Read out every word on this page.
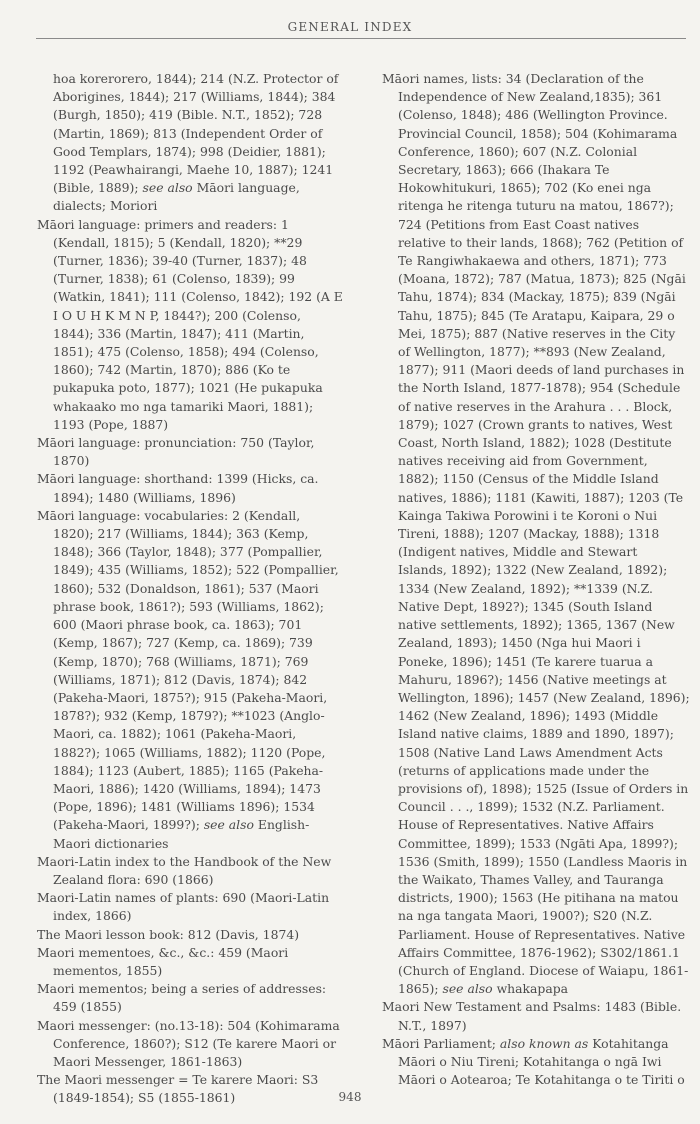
GENERAL INDEX

hoa korerorero, 1844); 214 (N.Z. Protector of Aborigines, 1844); 217 (Williams, 1844); 384 (Burgh, 1850); 419 (Bible. N.T., 1852); 728 (Martin, 1869); 813 (Independent Order of Good Templars, 1874); 998 (Deidier, 1881); 1192 (Peawhairangi, Maehe 10, 1887); 1241 (Bible, 1889); see also Māori language, dialects; Moriori

Māori language: primers and readers: 1 (Kendall, 1815); 5 (Kendall, 1820); **29 (Turner, 1836); 39-40 (Turner, 1837); 48 (Turner, 1838); 61 (Colenso, 1839); 99 (Watkin, 1841); 111 (Colenso, 1842); 192 (A E I O U H K M N P, 1844?); 200 (Colenso, 1844); 336 (Martin, 1847); 411 (Martin, 1851); 475 (Colenso, 1858); 494 (Colenso, 1860); 742 (Martin, 1870); 886 (Ko te pukapuka poto, 1877); 1021 (He pukapuka whakaako mo nga tamariki Maori, 1881); 1193 (Pope, 1887)

Māori language: pronunciation: 750 (Taylor, 1870)

Māori language: shorthand: 1399 (Hicks, ca. 1894); 1480 (Williams, 1896)

Māori language: vocabularies: 2 (Kendall, 1820); 217 (Williams, 1844); 363 (Kemp, 1848); 366 (Taylor, 1848); 377 (Pompallier, 1849); 435 (Williams, 1852); 522 (Pompallier, 1860); 532 (Donaldson, 1861); 537 (Maori phrase book, 1861?); 593 (Williams, 1862); 600 (Maori phrase book, ca. 1863); 701 (Kemp, 1867); 727 (Kemp, ca. 1869); 739 (Kemp, 1870); 768 (Williams, 1871); 769 (Williams, 1871); 812 (Davis, 1874); 842 (Pakeha-Maori, 1875?); 915 (Pakeha-Maori, 1878?); 932 (Kemp, 1879?); **1023 (Anglo-Maori, ca. 1882); 1061 (Pakeha-Maori, 1882?); 1065 (Williams, 1882); 1120 (Pope, 1884); 1123 (Aubert, 1885); 1165 (Pakeha-Maori, 1886); 1420 (Williams, 1894); 1473 (Pope, 1896); 1481 (Williams 1896); 1534 (Pakeha-Maori, 1899?); see also English-Maori dictionaries

Maori-Latin index to the Handbook of the New Zealand flora: 690 (1866)

Maori-Latin names of plants: 690 (Maori-Latin index, 1866)

The Maori lesson book: 812 (Davis, 1874)

Maori mementoes, &c., &c.: 459 (Maori mementos, 1855)

Maori mementos; being a series of addresses: 459 (1855)

Maori messenger: (no.13-18): 504 (Kohimarama Conference, 1860?); S12 (Te karere Maori or Maori Messenger, 1861-1863)

The Maori messenger = Te karere Maori: S3 (1849-1854); S5 (1855-1861)

Māori names, lists: 34 (Declaration of the Independence of New Zealand,1835); 361 (Colenso, 1848); 486 (Wellington Province. Provincial Council, 1858); 504 (Kohimarama Conference, 1860); 607 (N.Z. Colonial Secretary, 1863); 666 (Ihakara Te Hokowhitukuri, 1865); 702 (Ko enei nga ritenga he ritenga tuturu na matou, 1867?); 724 (Petitions from East Coast natives relative to their lands, 1868); 762 (Petition of Te Rangiwhakaewa and others, 1871); 773 (Moana, 1872); 787 (Matua, 1873); 825 (Ngāi Tahu, 1874); 834 (Mackay, 1875); 839 (Ngāi Tahu, 1875); 845 (Te Aratapu, Kaipara, 29 o Mei, 1875); 887 (Native reserves in the City of Wellington, 1877); **893 (New Zealand, 1877); 911 (Maori deeds of land purchases in the North Island, 1877-1878); 954 (Schedule of native reserves in the Arahura . . . Block, 1879); 1027 (Crown grants to natives, West Coast, North Island, 1882); 1028 (Destitute natives receiving aid from Government, 1882); 1150 (Census of the Middle Island natives, 1886); 1181 (Kawiti, 1887); 1203 (Te Kainga Takiwa Porowini i te Koroni o Nui Tireni, 1888); 1207 (Mackay, 1888); 1318 (Indigent natives, Middle and Stewart Islands, 1892); 1322 (New Zealand, 1892); 1334 (New Zealand, 1892); **1339 (N.Z. Native Dept, 1892?); 1345 (South Island native settlements, 1892); 1365, 1367 (New Zealand, 1893); 1450 (Nga hui Maori i Poneke, 1896); 1451 (Te karere tuarua a Mahuru, 1896?); 1456 (Native meetings at Wellington, 1896); 1457 (New Zealand, 1896); 1462 (New Zealand, 1896); 1493 (Middle Island native claims, 1889 and 1890, 1897); 1508 (Native Land Laws Amendment Acts (returns of applications made under the provisions of), 1898); 1525 (Issue of Orders in Council . . ., 1899); 1532 (N.Z. Parliament. House of Representatives. Native Affairs Committee, 1899); 1533 (Ngāti Apa, 1899?); 1536 (Smith, 1899); 1550 (Landless Maoris in the Waikato, Thames Valley, and Tauranga districts, 1900); 1563 (He pitihana na matou na nga tangata Maori, 1900?); S20 (N.Z. Parliament. House of Representatives. Native Affairs Committee, 1876-1962); S302/1861.1 (Church of England. Diocese of Waiapu, 1861-1865); see also whakapapa

Maori New Testament and Psalms: 1483 (Bible. N.T., 1897)

Māori Parliament; also known as Kotahitanga Māori o Niu Tireni; Kotahitanga o ngā Iwi Māori o Aotearoa; Te Kotahitanga o te Tiriti o

948
